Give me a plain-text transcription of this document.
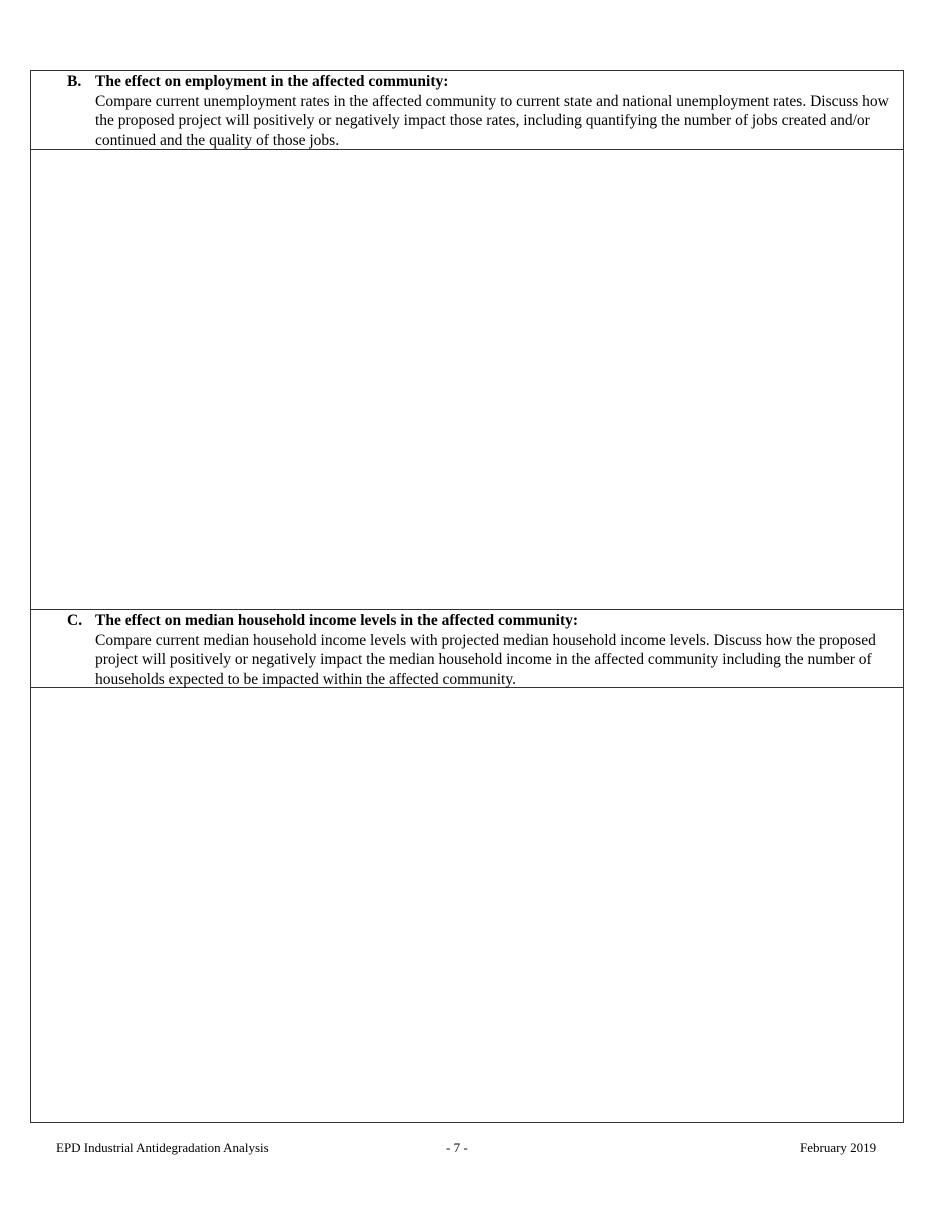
B. The effect on employment in the affected community:
Compare current unemployment rates in the affected community to current state and national unemployment rates. Discuss how the proposed project will positively or negatively impact those rates, including quantifying the number of jobs created and/or continued and the quality of those jobs.
C. The effect on median household income levels in the affected community:
Compare current median household income levels with projected median household income levels. Discuss how the proposed project will positively or negatively impact the median household income in the affected community including the number of households expected to be impacted within the affected community.
EPD Industrial Antidegradation Analysis	- 7 -	February 2019
